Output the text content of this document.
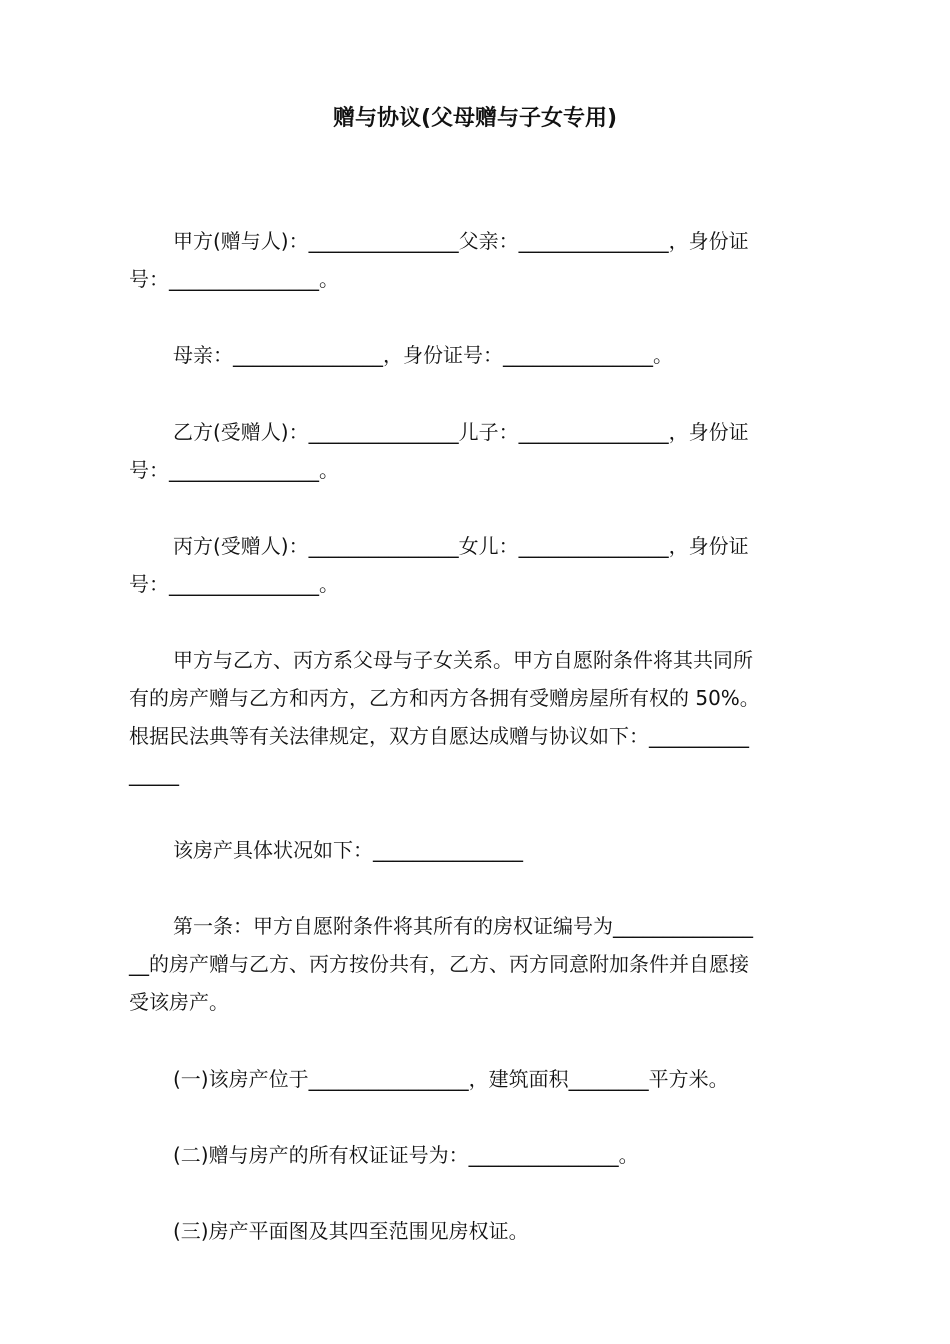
赠与协议(父母赠与子女专用)
甲方(赠与人)：_______________父亲：_______________，身份证
号：_______________。
母亲：_______________，身份证号：_______________。
乙方(受赠人)：_______________儿子：_______________，身份证
号：_______________。
丙方(受赠人)：_______________女儿：_______________，身份证
号：_______________。
甲方与乙方、丙方系父母与子女关系。甲方自愿附条件将其共同所
有的房产赠与乙方和丙方，乙方和丙方各拥有受赠房屋所有权的 50%。
根据民法典等有关法律规定，双方自愿达成赠与协议如下：__________
_____
该房产具体状况如下：_______________
第一条：甲方自愿附条件将其所有的房权证编号为______________
__的房产赠与乙方、丙方按份共有，乙方、丙方同意附加条件并自愿接
受该房产。
(一)该房产位于________________，建筑面积________平方米。
(二)赠与房产的所有权证证号为：_______________。
(三)房产平面图及其四至范围见房权证。
